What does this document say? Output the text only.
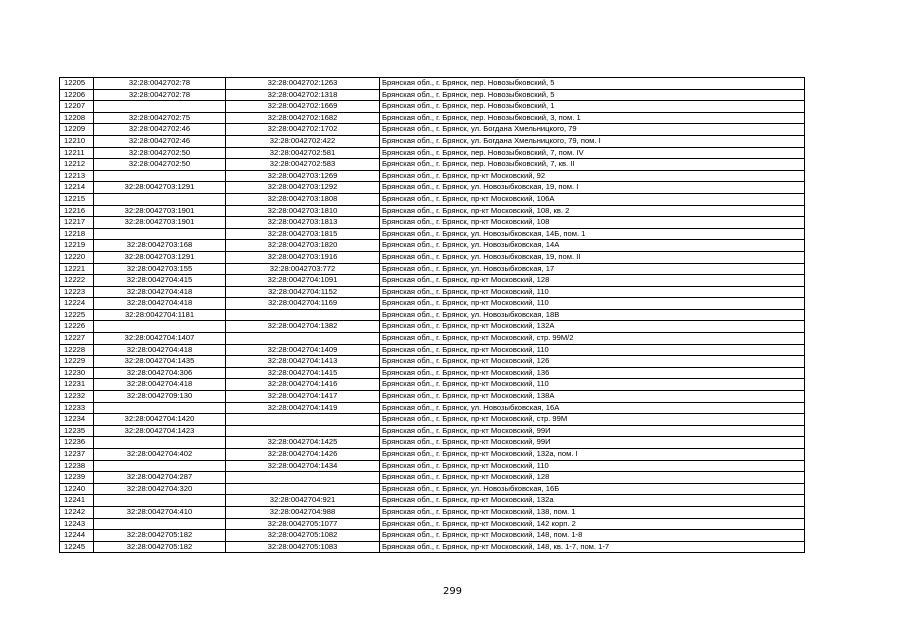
12205	32:28:0042702:78	32:28:0042702:1263	Брянская обл., г. Брянск, пер. Новозыбковский, 5
12206	32:28:0042702:78	32:28:0042702:1318	Брянская обл., г. Брянск, пер. Новозыбковский, 5
12207		32:28:0042702:1669	Брянская обл., г. Брянск, пер. Новозыбковский, 1
12208	32:28:0042702:75	32:28:0042702:1682	Брянская обл., г. Брянск, пер. Новозыбковский, 3, пом. 1
12209	32:28:0042702:46	32:28:0042702:1702	Брянская обл., г. Брянск, ул. Богдана Хмельницкого, 79
12210	32:28:0042702:46	32:28:0042702:422	Брянская обл., г. Брянск, ул. Богдана Хмельницкого, 79, пом. I
12211	32:28:0042702:50	32:28:0042702:581	Брянская обл., г. Брянск, пер. Новозыбковский, 7, пом. IV
12212	32:28:0042702:50	32:28:0042702:583	Брянская обл., г. Брянск, пер. Новозыбковский, 7, кв. II
12213		32:28:0042703:1269	Брянская обл., г. Брянск, пр-кт Московский, 92
12214	32:28:0042703:1291	32:28:0042703:1292	Брянская обл., г. Брянск, ул. Новозыбковская, 19, пом. I
12215		32:28:0042703:1808	Брянская обл., г. Брянск, пр-кт Московский, 106А
12216	32:28:0042703:1901	32:28:0042703:1810	Брянская обл., г. Брянск, пр-кт Московский, 108, кв. 2
12217	32:28:0042703:1901	32:28:0042703:1813	Брянская обл., г. Брянск, пр-кт Московский, 108
12218		32:28:0042703:1815	Брянская обл., г. Брянск, ул. Новозыбковская, 14Б, пом. 1
12219	32:28:0042703:168	32:28:0042703:1820	Брянская обл., г. Брянск, ул. Новозыбковская, 14А
12220	32:28:0042703:1291	32:28:0042703:1916	Брянская обл., г. Брянск, ул. Новозыбковская, 19, пом. II
12221	32:28:0042703:155	32:28:0042703:772	Брянская обл., г. Брянск, ул. Новозыбковская, 17
12222	32:28:0042704:415	32:28:0042704:1091	Брянская обл., г. Брянск, пр-кт Московский, 128
12223	32:28:0042704:418	32:28:0042704:1152	Брянская обл., г. Брянск, пр-кт Московский, 110
12224	32:28:0042704:418	32:28:0042704:1169	Брянская обл., г. Брянск, пр-кт Московский, 110
12225	32:28:0042704:1181		Брянская обл., г. Брянск, ул. Новозыбковская, 18В
12226		32:28:0042704:1382	Брянская обл., г. Брянск, пр-кт Московский, 132А
12227	32:28:0042704:1407		Брянская обл., г. Брянск, пр-кт Московский, стр. 99М/2
12228	32:28:0042704:418	32:28:0042704:1409	Брянская обл., г. Брянск, пр-кт Московский, 110
12229	32:28:0042704:1435	32:28:0042704:1413	Брянская обл., г. Брянск, пр-кт Московский, 126
12230	32:28:0042704:306	32:28:0042704:1415	Брянская обл., г. Брянск, пр-кт Московский, 136
12231	32:28:0042704:418	32:28:0042704:1416	Брянская обл., г. Брянск, пр-кт Московский, 110
12232	32:28:0042709:130	32:28:0042704:1417	Брянская обл., г. Брянск, пр-кт Московский, 138А
12233		32:28:0042704:1419	Брянская обл., г. Брянск, ул. Новозыбковская, 16А
12234	32:28:0042704:1420		Брянская обл., г. Брянск, пр-кт Московский, стр. 99М
12235	32:28:0042704:1423		Брянская обл., г. Брянск, пр-кт Московский, 99И
12236		32:28:0042704:1425	Брянская обл., г. Брянск, пр-кт Московский, 99И
12237	32:28:0042704:402	32:28:0042704:1426	Брянская обл., г. Брянск, пр-кт Московский, 132а, пом. I
12238		32:28:0042704:1434	Брянская обл., г. Брянск, пр-кт Московский, 110
12239	32:28:0042704:287		Брянская обл., г. Брянск, пр-кт Московский, 128
12240	32:28:0042704:320		Брянская обл., г. Брянск, ул. Новозыбковская, 16Б
12241		32:28:0042704:921	Брянская обл., г. Брянск, пр-кт Московский, 132а
12242	32:28:0042704:410	32:28:0042704:988	Брянская обл., г. Брянск, пр-кт Московский, 138, пом. 1
12243		32:28:0042705:1077	Брянская обл., г. Брянск, пр-кт Московский, 142 корп. 2
12244	32:28:0042705:182	32:28:0042705:1082	Брянская обл., г. Брянск, пр-кт Московский, 148, пом. 1-8
12245	32:28:0042705:182	32:28:0042705:1083	Брянская обл., г. Брянск, пр-кт Московский, 148, кв. 1-7, пом. 1-7
299
